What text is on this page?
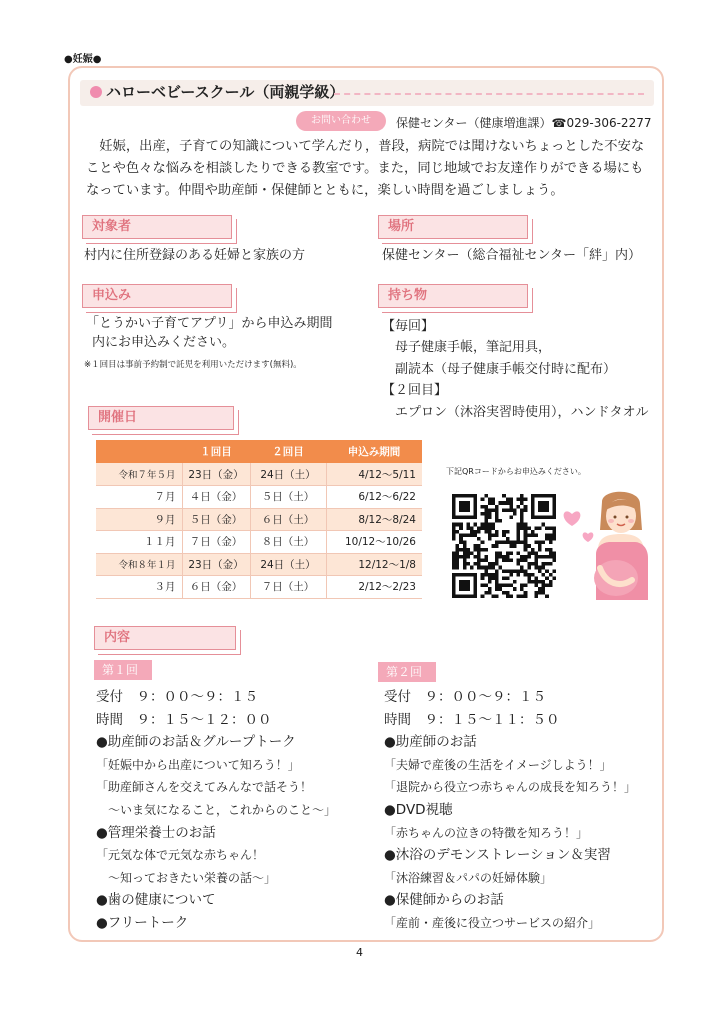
●妊娠●
ハローベビースクール（両親学級）
お問い合わせ	保健センター（健康増進課）☎029-306-2277
　妊娠，出産，子育ての知識について学んだり，普段，病院では聞けないちょっとした不安なことや色々な悩みを相談したりできる教室です。また，同じ地域でお友達作りができる場にもなっています。仲間や助産師・保健師とともに，楽しい時間を過ごしましょう。
対象者
村内に住所登録のある妊婦と家族の方
場所
保健センター（総合福祉センター「絆」内）
申込み
「とうかい子育てアプリ」から申込み期間
内にお申込みください。
※１回目は事前予約制で託児を利用いただけます(無料)。
持ち物
【毎回】
　母子健康手帳，筆記用具，
　副読本（母子健康手帳交付時に配布）
【２回目】
　エプロン（沐浴実習時使用），ハンドタオル
開催日
	１回目	２回目	申込み期間
令和７年５月	23日（金）	24日（土）	4/12～5/11
７月	４日（金）	５日（土）	6/12～6/22
９月	５日（金）	６日（土）	8/12～8/24
１１月	７日（金）	８日（土）	10/12～10/26
令和８年１月	23日（金）	24日（土）	12/12～1/8
３月	６日（金）	７日（土）	2/12～2/23
下記QRコードからお申込みください。
内容
第１回
受付　９：００～９：１５
時間　９：１５～１２：００
●助産師のお話＆グループトーク
「妊娠中から出産について知ろう！」
「助産師さんを交えてみんなで話そう！
　～いま気になること，これからのこと～」
●管理栄養士のお話
「元気な体で元気な赤ちゃん！
　～知っておきたい栄養の話～」
●歯の健康について
●フリートーク
第２回
受付　９：００～９：１５
時間　９：１５～１１：５０
●助産師のお話
「夫婦で産後の生活をイメージしよう！」
「退院から役立つ赤ちゃんの成長を知ろう！」
●DVD視聴
「赤ちゃんの泣きの特徴を知ろう！」
●沐浴のデモンストレーション＆実習
「沐浴練習＆パパの妊婦体験」
●保健師からのお話
「産前・産後に役立つサービスの紹介」
4
